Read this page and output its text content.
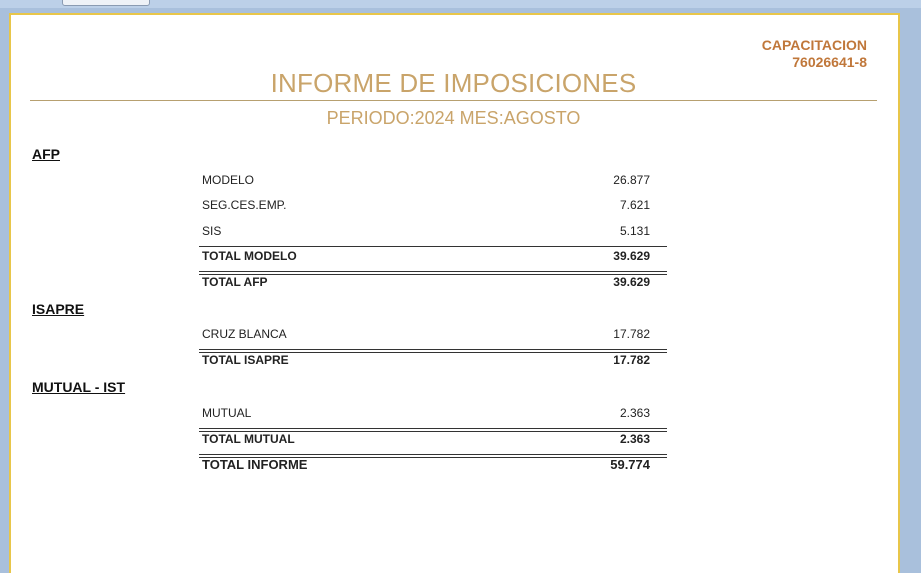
CAPACITACION
76026641-8
INFORME DE IMPOSICIONES
PERIODO:2024 MES:AGOSTO
AFP
MODELO	26.877
SEG.CES.EMP.	7.621
SIS	5.131
TOTAL MODELO	39.629
TOTAL AFP	39.629
ISAPRE
CRUZ BLANCA	17.782
TOTAL ISAPRE	17.782
MUTUAL - IST
MUTUAL	2.363
TOTAL MUTUAL	2.363
TOTAL INFORME	59.774
